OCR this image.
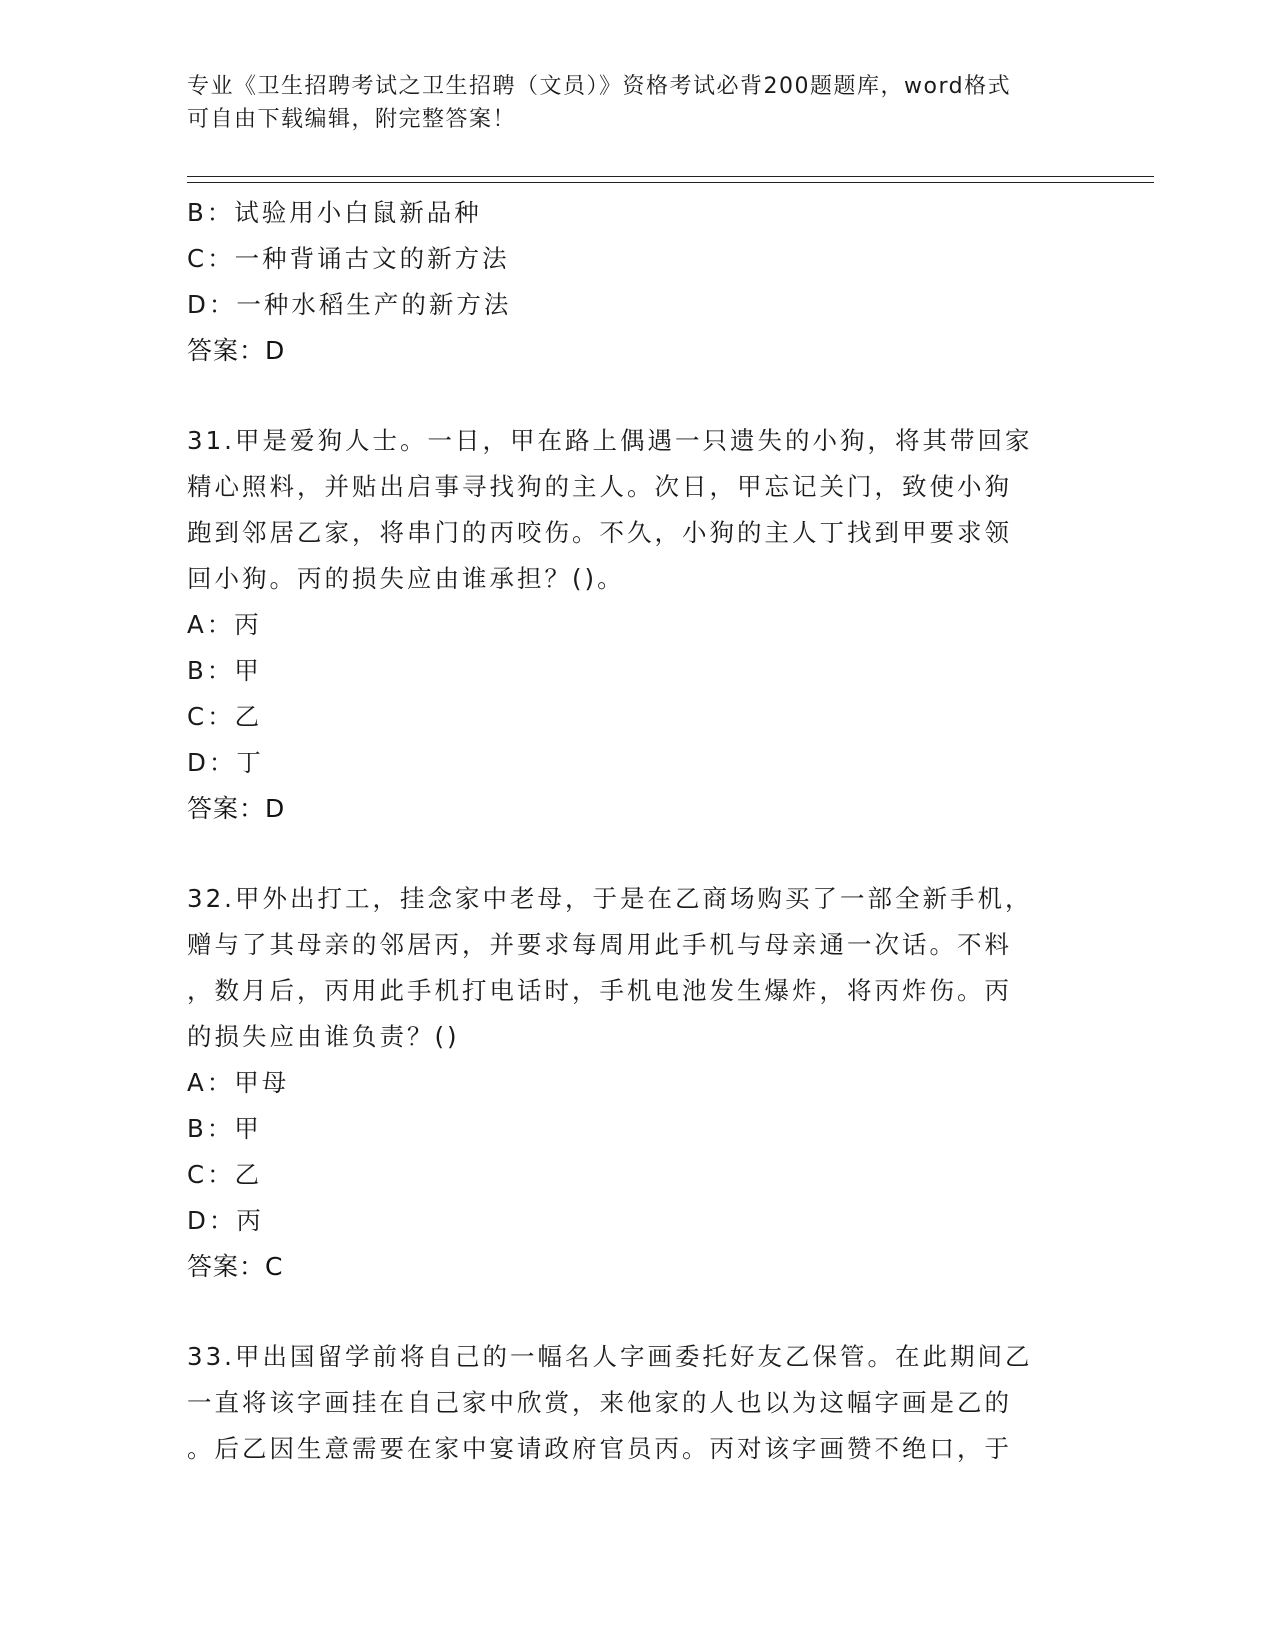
专业《卫生招聘考试之卫生招聘（文员）》资格考试必背200题题库，word格式
可自由下载编辑，附完整答案！
B：试验用小白鼠新品种
C：一种背诵古文的新方法
D：一种水稻生产的新方法
答案：D
31.甲是爱狗人士。一日，甲在路上偶遇一只遗失的小狗，将其带回家
精心照料，并贴出启事寻找狗的主人。次日，甲忘记关门，致使小狗
跑到邻居乙家，将串门的丙咬伤。不久，小狗的主人丁找到甲要求领
回小狗。丙的损失应由谁承担？()。
A：丙
B：甲
C：乙
D：丁
答案：D
32.甲外出打工，挂念家中老母，于是在乙商场购买了一部全新手机，
赠与了其母亲的邻居丙，并要求每周用此手机与母亲通一次话。不料
，数月后，丙用此手机打电话时，手机电池发生爆炸，将丙炸伤。丙
的损失应由谁负责？()
A：甲母
B：甲
C：乙
D：丙
答案：C
33.甲出国留学前将自己的一幅名人字画委托好友乙保管。在此期间乙
一直将该字画挂在自己家中欣赏，来他家的人也以为这幅字画是乙的
。后乙因生意需要在家中宴请政府官员丙。丙对该字画赞不绝口，于
